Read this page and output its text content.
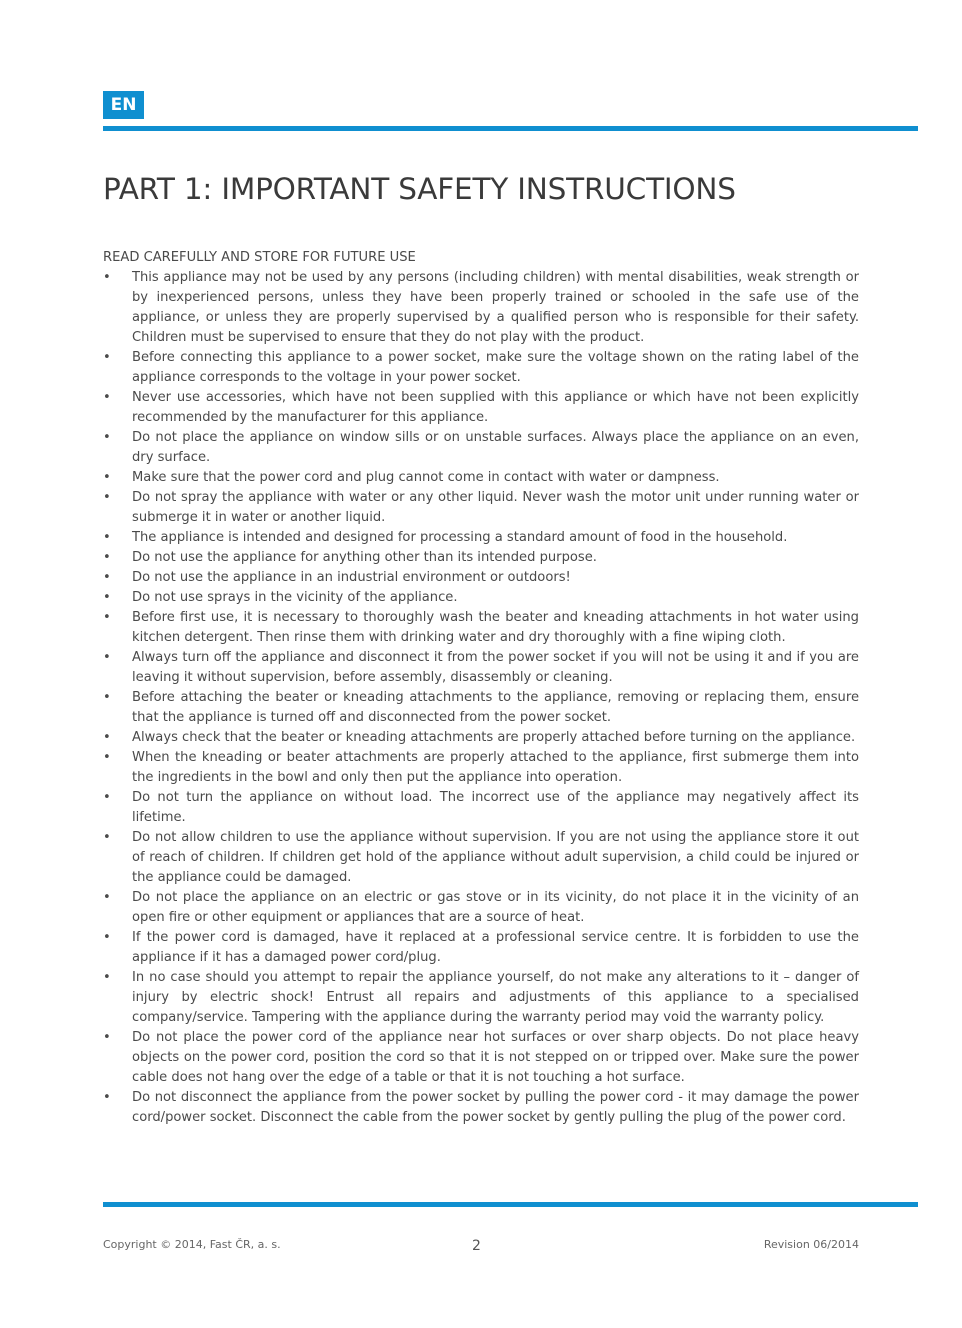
EN
PART 1: IMPORTANT SAFETY INSTRUCTIONS

READ CAREFULLY AND STORE FOR FUTURE USE

• This appliance may not be used by any persons (including children) with mental disabilities, weak strength or by inexperienced persons, unless they have been properly trained or schooled in the safe use of the appliance, or unless they are properly supervised by a qualified person who is responsible for their safety. Children must be supervised to ensure that they do not play with the product.
• Before connecting this appliance to a power socket, make sure the voltage shown on the rating label of the appliance corresponds to the voltage in your power socket.
• Never use accessories, which have not been supplied with this appliance or which have not been explicitly recommended by the manufacturer for this appliance.
• Do not place the appliance on window sills or on unstable surfaces. Always place the appliance on an even, dry surface.
• Make sure that the power cord and plug cannot come in contact with water or dampness.
• Do not spray the appliance with water or any other liquid. Never wash the motor unit under running water or submerge it in water or another liquid.
• The appliance is intended and designed for processing a standard amount of food in the household.
• Do not use the appliance for anything other than its intended purpose.
• Do not use the appliance in an industrial environment or outdoors!
• Do not use sprays in the vicinity of the appliance.
• Before first use, it is necessary to thoroughly wash the beater and kneading attachments in hot water using kitchen detergent. Then rinse them with drinking water and dry thoroughly with a fine wiping cloth.
• Always turn off the appliance and disconnect it from the power socket if you will not be using it and if you are leaving it without supervision, before assembly, disassembly or cleaning.
• Before attaching the beater or kneading attachments to the appliance, removing or replacing them, ensure that the appliance is turned off and disconnected from the power socket.
• Always check that the beater or kneading attachments are properly attached before turning on the appliance.
• When the kneading or beater attachments are properly attached to the appliance, first submerge them into the ingredients in the bowl and only then put the appliance into operation.
• Do not turn the appliance on without load. The incorrect use of the appliance may negatively affect its lifetime.
• Do not allow children to use the appliance without supervision. If you are not using the appliance store it out of reach of children. If children get hold of the appliance without adult supervision, a child could be injured or the appliance could be damaged.
• Do not place the appliance on an electric or gas stove or in its vicinity, do not place it in the vicinity of an open fire or other equipment or appliances that are a source of heat.
• If the power cord is damaged, have it replaced at a professional service centre. It is forbidden to use the appliance if it has a damaged power cord/plug.
• In no case should you attempt to repair the appliance yourself, do not make any alterations to it – danger of injury by electric shock! Entrust all repairs and adjustments of this appliance to a specialised company/service. Tampering with the appliance during the warranty period may void the warranty policy.
• Do not place the power cord of the appliance near hot surfaces or over sharp objects. Do not place heavy objects on the power cord, position the cord so that it is not stepped on or tripped over. Make sure the power cable does not hang over the edge of a table or that it is not touching a hot surface.
• Do not disconnect the appliance from the power socket by pulling the power cord - it may damage the power cord/power socket. Disconnect the cable from the power socket by gently pulling the plug of the power cord.
Copyright © 2014, Fast ČR, a. s.	2	Revision 06/2014
